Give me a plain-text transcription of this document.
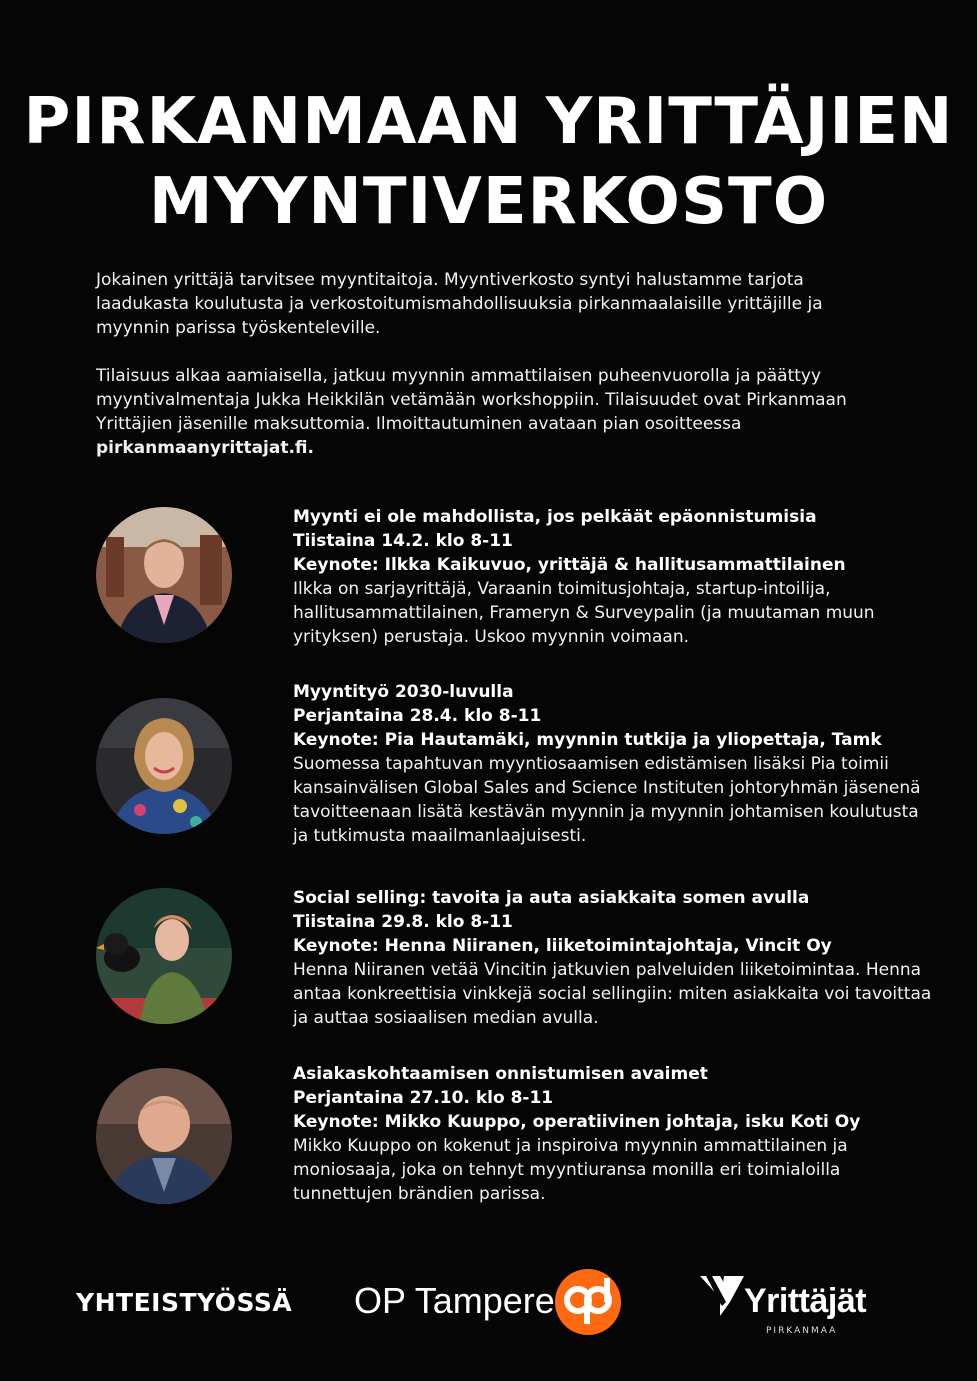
PIRKANMAAN YRITTÄJIEN
MYYNTIVERKOSTO

Jokainen yrittäjä tarvitsee myyntitaitoja. Myyntiverkosto syntyi halustamme tarjota laadukasta koulutusta ja verkostoitumismahdollisuuksia pirkanmaalaisille yrittäjille ja myynnin parissa työskenteleville.

Tilaisuus alkaa aamiaisella, jatkuu myynnin ammattilaisen puheenvuorolla ja päättyy myyntivalmentaja Jukka Heikkilän vetämään workshoppiin. Tilaisuudet ovat Pirkanmaan Yrittäjien jäsenille maksuttomia. Ilmoittautuminen avataan pian osoitteessa
pirkanmaanyrittajat.fi.

Myynti ei ole mahdollista, jos pelkäät epäonnistumisia
Tiistaina 14.2. klo 8-11
Keynote: Ilkka Kaikuvuo, yrittäjä & hallitusammattilainen
Ilkka on sarjayrittäjä, Varaanin toimitusjohtaja, startup-intoilija, hallitusammattilainen, Frameryn & Surveypalin (ja muutaman muun yrityksen) perustaja. Uskoo myynnin voimaan.
Myyntityö 2030-luvulla
Perjantaina 28.4. klo 8-11
Keynote: Pia Hautamäki, myynnin tutkija ja yliopettaja, Tamk
Suomessa tapahtuvan myyntiosaamisen edistämisen lisäksi Pia toimii kansainvälisen Global Sales and Science Instituten johtoryhmän jäsenenä tavoitteenaan lisätä kestävän myynnin ja myynnin johtamisen koulutusta ja tutkimusta maailmanlaajuisesti.
Social selling: tavoita ja auta asiakkaita somen avulla
Tiistaina 29.8. klo 8-11
Keynote: Henna Niiranen, liiketoimintajohtaja, Vincit Oy
Henna Niiranen vetää Vincitin jatkuvien palveluiden liiketoimintaa. Henna antaa konkreettisia vinkkejä social sellingiin: miten asiakkaita voi tavoittaa ja auttaa sosiaalisen median avulla.
Asiakaskohtaamisen onnistumisen avaimet
Perjantaina 27.10. klo 8-11
Keynote: Mikko Kuuppo, operatiivinen johtaja, isku Koti Oy
Mikko Kuuppo on kokenut ja inspiroiva myynnin ammattilainen ja moniosaaja, joka on tehnyt myyntiuransa monilla eri toimialoilla tunnettujen brändien parissa.
YHTEISTYÖSSÄ OP Tampere	Yrittäjät
PIRKANMAA
